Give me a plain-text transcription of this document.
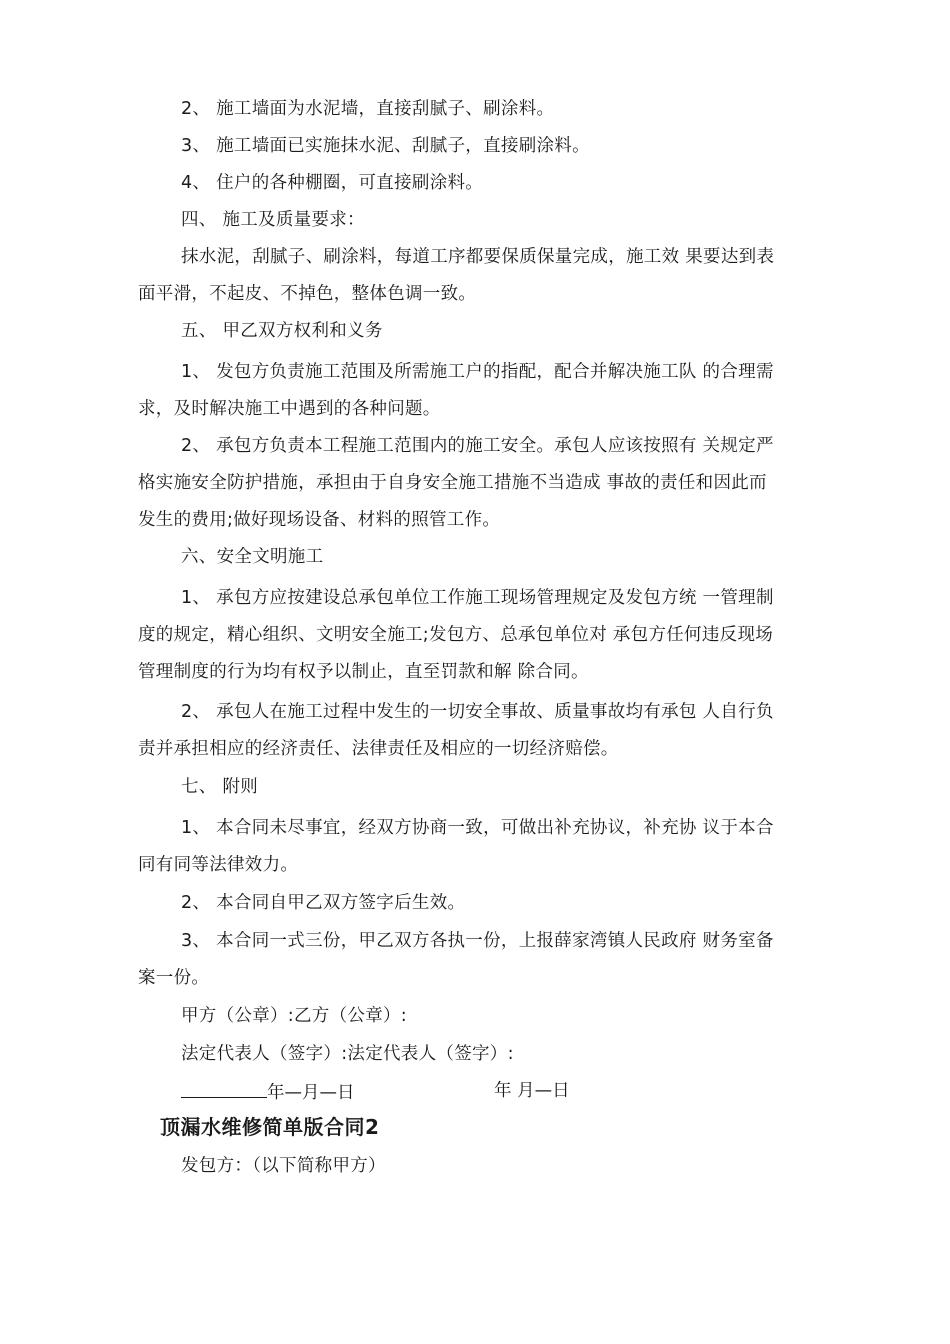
2、 施工墙面为水泥墙，直接刮腻子、刷涂料。
3、 施工墙面已实施抹水泥、刮腻子，直接刷涂料。
4、 住户的各种棚圈，可直接刷涂料。
四、 施工及质量要求：
抹水泥，刮腻子、刷涂料，每道工序都要保质保量完成，施工效 果要达到表
面平滑，不起皮、不掉色，整体色调一致。
五、 甲乙双方权利和义务
1、 发包方负责施工范围及所需施工户的指配，配合并解决施工队 的合理需
求，及时解决施工中遇到的各种问题。
2、 承包方负责本工程施工范围内的施工安全。承包人应该按照有 关规定严
格实施安全防护措施，承担由于自身安全施工措施不当造成 事故的责任和因此而
发生的费用;做好现场设备、材料的照管工作。
六、安全文明施工
1、 承包方应按建设总承包单位工作施工现场管理规定及发包方统 一管理制
度的规定，精心组织、文明安全施工;发包方、总承包单位对 承包方任何违反现场
管理制度的行为均有权予以制止，直至罚款和解 除合同。
2、 承包人在施工过程中发生的一切安全事故、质量事故均有承包 人自行负
责并承担相应的经济责任、法律责任及相应的一切经济赔偿。
七、 附则
1、 本合同未尽事宜，经双方协商一致，可做出补充协议，补充协 议于本合
同有同等法律效力。
2、 本合同自甲乙双方签字后生效。
3、 本合同一式三份，甲乙双方各执一份，上报薛家湾镇人民政府 财务室备
案一份。
甲方（公章）:乙方（公章）:
法定代表人（签字）:法定代表人（签字）:
年—月—日	年 月—日
顶漏水维修简单版合同2
发包方：（以下简称甲方）
